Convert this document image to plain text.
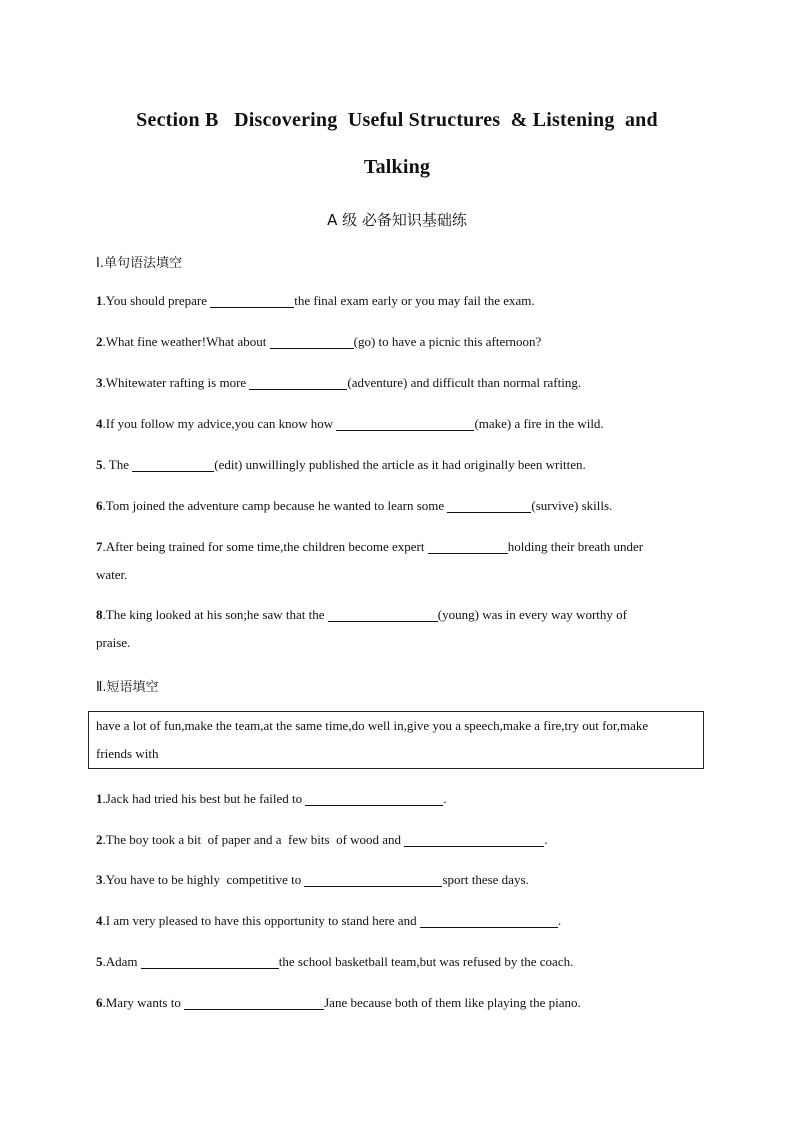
Section B   Discovering  Useful Structures  & Listening  and
Talking
A 级 必备知识基础练
Ⅰ.单句语法填空
1.You should prepare	the final exam early or you may fail the exam.
2.What fine weather!What about	(go) to have a picnic this afternoon?
3.Whitewater rafting is more	(adventure) and difficult than normal rafting.
4.If you follow my advice,you can know how	(make) a fire in the wild.
5. The	(edit) unwillingly published the article as it had originally been written.
6.Tom joined the adventure camp because he wanted to learn some	(survive) skills.
7.After being trained for some time,the children become expert	holding their breath under
water.
8.The king looked at his son;he saw that the	(young) was in every way worthy of
praise.
Ⅱ.短语填空
have a lot of fun,make the team,at the same time,do well in,give you a speech,make a fire,try out for,make
friends with
1.Jack had tried his best but he failed to	.
2.The boy took a bit  of paper and a  few bits  of wood and	.
3.You have to be highly  competitive to	sport these days.
4.I am very pleased to have this opportunity to stand here and	.
5.Adam	the school basketball team,but was refused by the coach.
6.Mary wants to	Jane because both of them like playing the piano.
